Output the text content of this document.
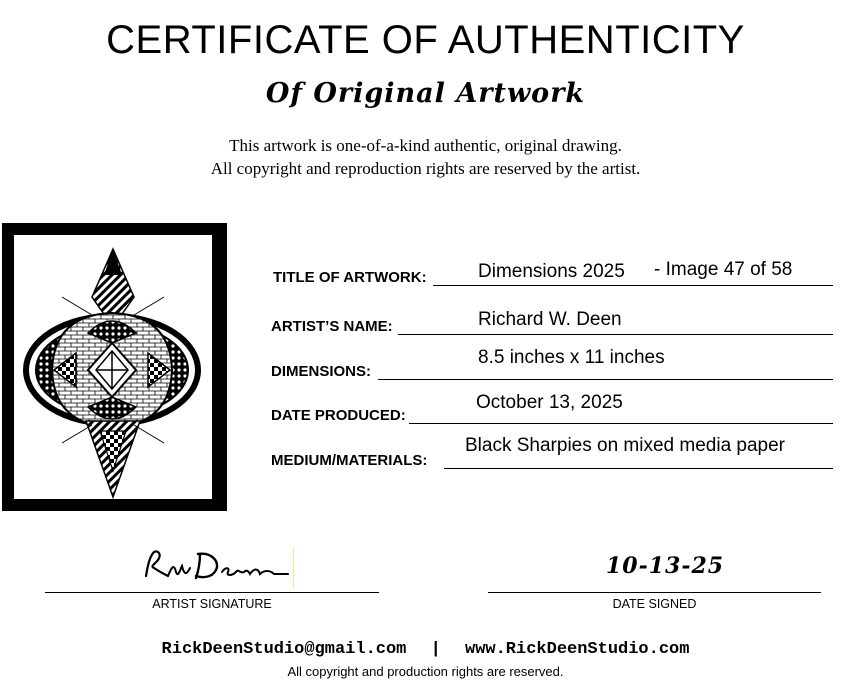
CERTIFICATE OF AUTHENTICITY
Of Original Artwork
This artwork is one-of-a-kind authentic, original drawing.
All copyright and reproduction rights are reserved by the artist.
TITLE OF ARTWORK:	Dimensions 2025 - Image 47 of 58
ARTIST’S NAME:	Richard W. Deen
DIMENSIONS:
8.5 inches x 11 inches
DATE PRODUCED:
October 13, 2025
MEDIUM/MATERIALS:
Black Sharpies on mixed media paper
ARTIST SIGNATURE
10-13-25
DATE SIGNED
RickDeenStudio@gmail.com | www.RickDeenStudio.com
All copyright and production rights are reserved.
